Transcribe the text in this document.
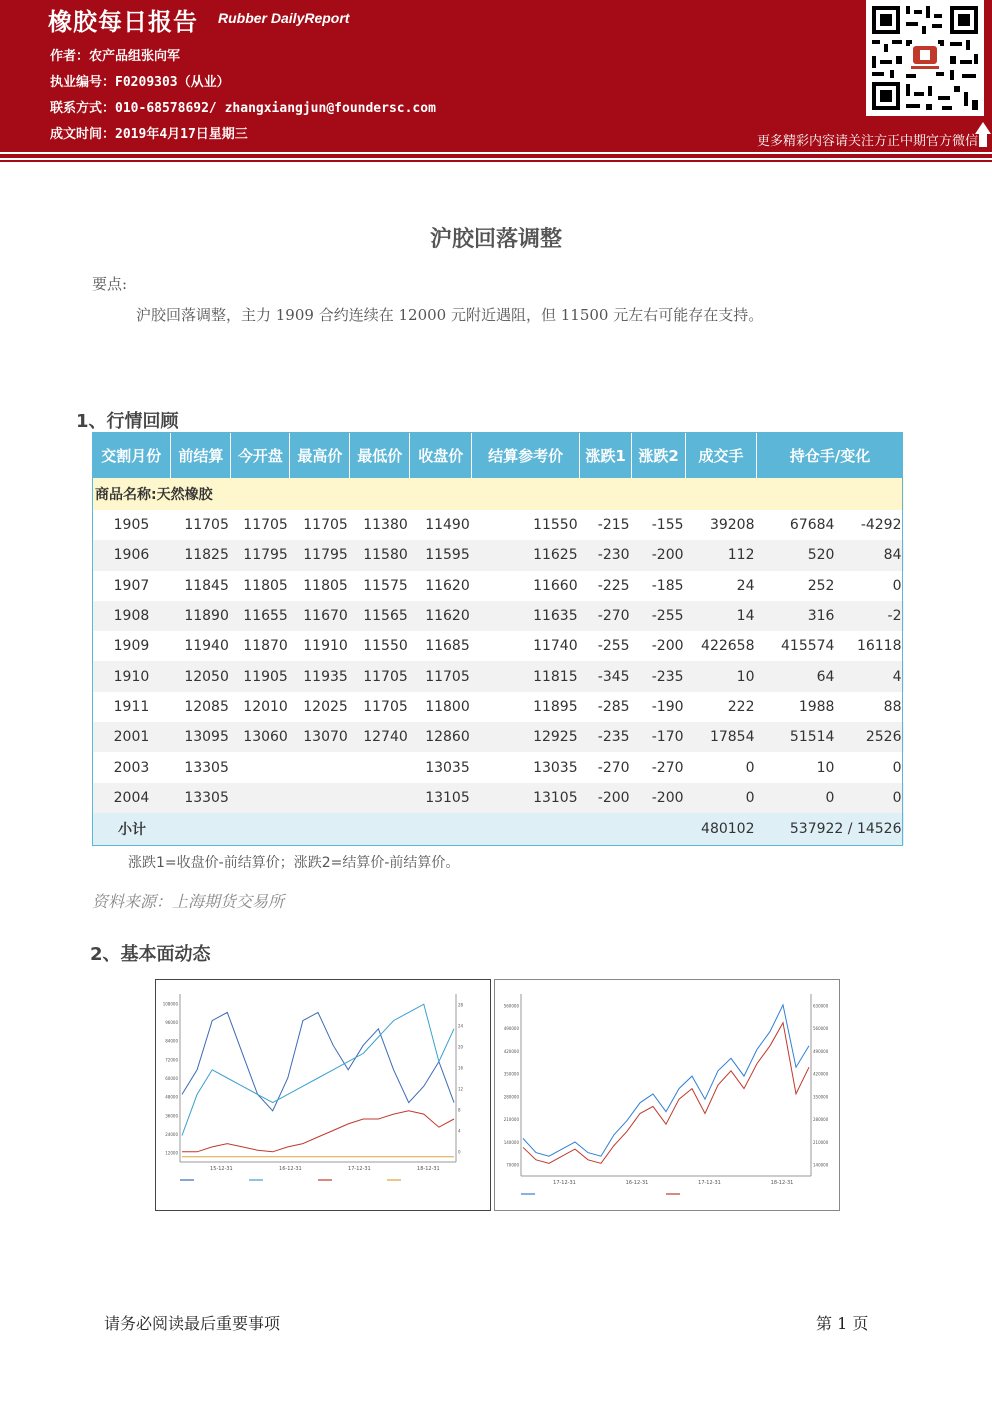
橡胶每日报告 Rubber DailyReport
作者：农产品组张向军
执业编号：F0209303（从业）
联系方式：010-68578692/ zhangxiangjun@foundersc.com
成文时间：2019年4月17日星期三	更多精彩内容请关注方正中期官方微信
沪胶回落调整
要点:
沪胶回落调整，主力 1909 合约连续在 12000 元附近遇阻，但 11500 元左右可能存在支持。
1、行情回顾
交割月份	前结算	今开盘	最高价	最低价	收盘价	结算参考价	涨跌1	涨跌2	成交手	持仓手/变化	
商品名称:天然橡胶											
1905	11705	11705	11705	11380	11490	11550	-215	-155	39208	67684	-4292
1906	11825	11795	11795	11580	11595	11625	-230	-200	112	520	84
1907	11845	11805	11805	11575	11620	11660	-225	-185	24	252	0
1908	11890	11655	11670	11565	11620	11635	-270	-255	14	316	-2
1909	11940	11870	11910	11550	11685	11740	-255	-200	422658	415574	16118
1910	12050	11905	11935	11705	11705	11815	-345	-235	10	64	4
1911	12085	12010	12025	11705	11800	11895	-285	-190	222	1988	88
2001	13095	13060	13070	12740	12860	12925	-235	-170	17854	51514	2526
2003	13305				13035	13035	-270	-270	0	10	0
2004	13305				13105	13105	-200	-200	0	0	0
小计									480102	537922 / 14526	
涨跌1=收盘价-前结算价；涨跌2=结算价-前结算价。
资料来源：上海期货交易所
2、基本面动态
12000
24000
36000
48000
60000
72000
84000
96000
108000
0
4
8
12
16
20
24
28
15-12-31	16-12-31	17-12-31	18-12-31
70000
140000
210000
280000
350000
420000
490000
560000
140000
210000
280000
350000
420000
490000
560000
630000
17-12-31	16-12-31	17-12-31	18-12-31
请务必阅读最后重要事项	第 1 页
